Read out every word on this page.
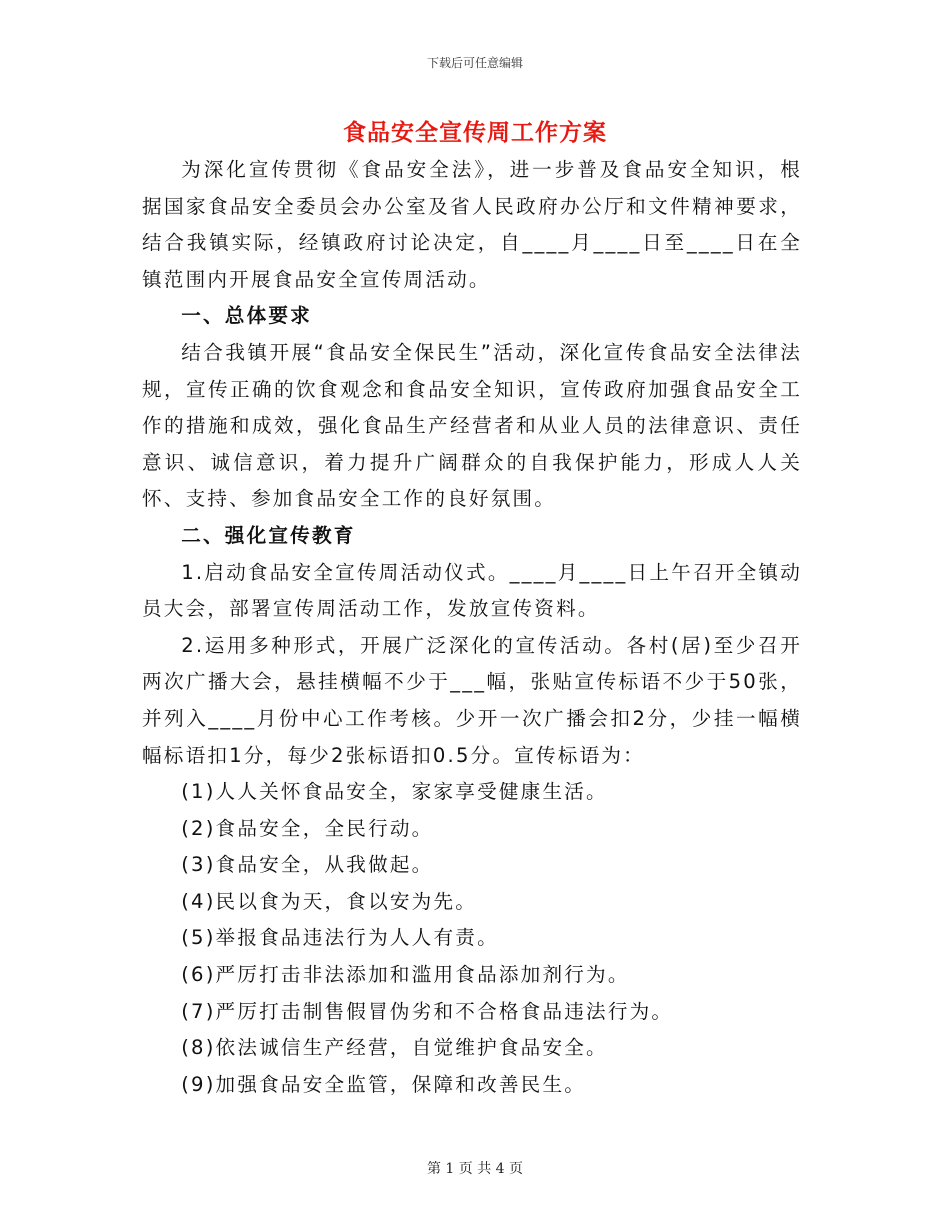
下载后可任意编辑
食品安全宣传周工作方案

为深化宣传贯彻《食品安全法》，进一步普及食品安全知识，根据国家食品安全委员会办公室及省人民政府办公厅和文件精神要求，结合我镇实际，经镇政府讨论决定，自____月____日至____日在全镇范围内开展食品安全宣传周活动。

一、总体要求

结合我镇开展“食品安全保民生”活动，深化宣传食品安全法律法规，宣传正确的饮食观念和食品安全知识，宣传政府加强食品安全工作的措施和成效，强化食品生产经营者和从业人员的法律意识、责任意识、诚信意识，着力提升广阔群众的自我保护能力，形成人人关怀、支持、参加食品安全工作的良好氛围。

二、强化宣传教育

1.启动食品安全宣传周活动仪式。____月____日上午召开全镇动员大会，部署宣传周活动工作，发放宣传资料。

2.运用多种形式，开展广泛深化的宣传活动。各村(居)至少召开两次广播大会，悬挂横幅不少于___幅，张贴宣传标语不少于50张，并列入____月份中心工作考核。少开一次广播会扣2分，少挂一幅横幅标语扣1分，每少2张标语扣0.5分。宣传标语为：

(1)人人关怀食品安全，家家享受健康生活。

(2)食品安全，全民行动。

(3)食品安全，从我做起。

(4)民以食为天，食以安为先。

(5)举报食品违法行为人人有责。

(6)严厉打击非法添加和滥用食品添加剂行为。

(7)严厉打击制售假冒伪劣和不合格食品违法行为。

(8)依法诚信生产经营，自觉维护食品安全。

(9)加强食品安全监管，保障和改善民生。

第 1 页 共 4 页
